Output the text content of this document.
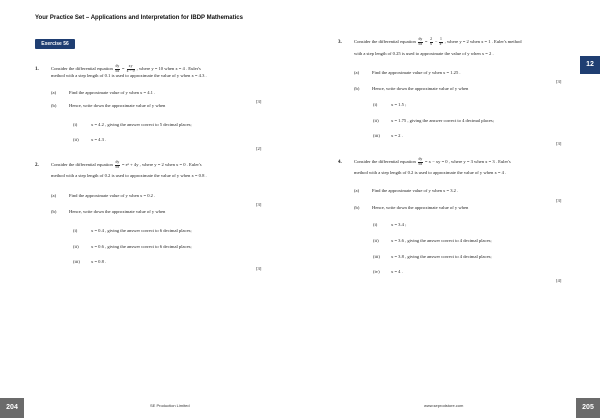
Your Practice Set – Applications and Interpretation for IBDP Mathematics
Exercise 56
12
1.	Consider the differential equation $\frac{dy}{dx} = \frac{xy}{x - 9}$ , where y = 10 when x = 4 . Euler's
method with a step length of 0.1 is used to approximate the value of y when x = 4.3 .
(a)	Find the approximate value of y when x = 4.1 .
[3]
(b)	Hence, write down the approximate value of y when
(i)	x = 4.2 , giving the answer correct to 5 decimal places;
(ii)	x = 4.3 .
[2]
2.	Consider the differential equation $\frac{dy}{dx}$ = eˣ + 4y , where y = 2 when x = 0 . Euler's
method with a step length of 0.2 is used to approximate the value of y when x = 0.8 .
(a)	Find the approximate value of y when x = 0.2 .
[3]
(b)	Hence, write down the approximate value of y when
(i)	x = 0.4 , giving the answer correct to 6 decimal places;
(ii)	x = 0.6 , giving the answer correct to 6 decimal places;
(iii) x = 0.8 .
[3]
3.	Consider the differential equation $\frac{dy}{dx} = \frac{2}{x} - \frac{1}{\text{x²}}$ , where y = 2 when x = 1 . Euler's method
with a step length of 0.25 is used to approximate the value of y when x = 2 .
(a)	Find the approximate value of y when x = 1.25 .
[3]
(b)	Hence, write down the approximate value of y when
(i)	x = 1.5 ;
(ii)	x = 1.75 , giving the answer correct to 4 decimal places;
(iii) x = 2 .
[3]
4.	Consider the differential equation $\frac{dy}{dx} = x$ − xy = 0 , where y = 3 when x = 3 . Euler's
method with a step length of 0.2 is used to approximate the value of y when x = 4 .
(a)	Find the approximate value of y when x = 3.2 .
[3]
(b)	Hence, write down the approximate value of y when
(i)	x = 3.4 ;
(ii)	x = 3.6 , giving the answer correct to 4 decimal places;
(iii) x = 3.8 , giving the answer correct to 4 decimal places;
(iv) x = 4 .
[4]
204	SE Production Limited	www.seprodstore.com	205
